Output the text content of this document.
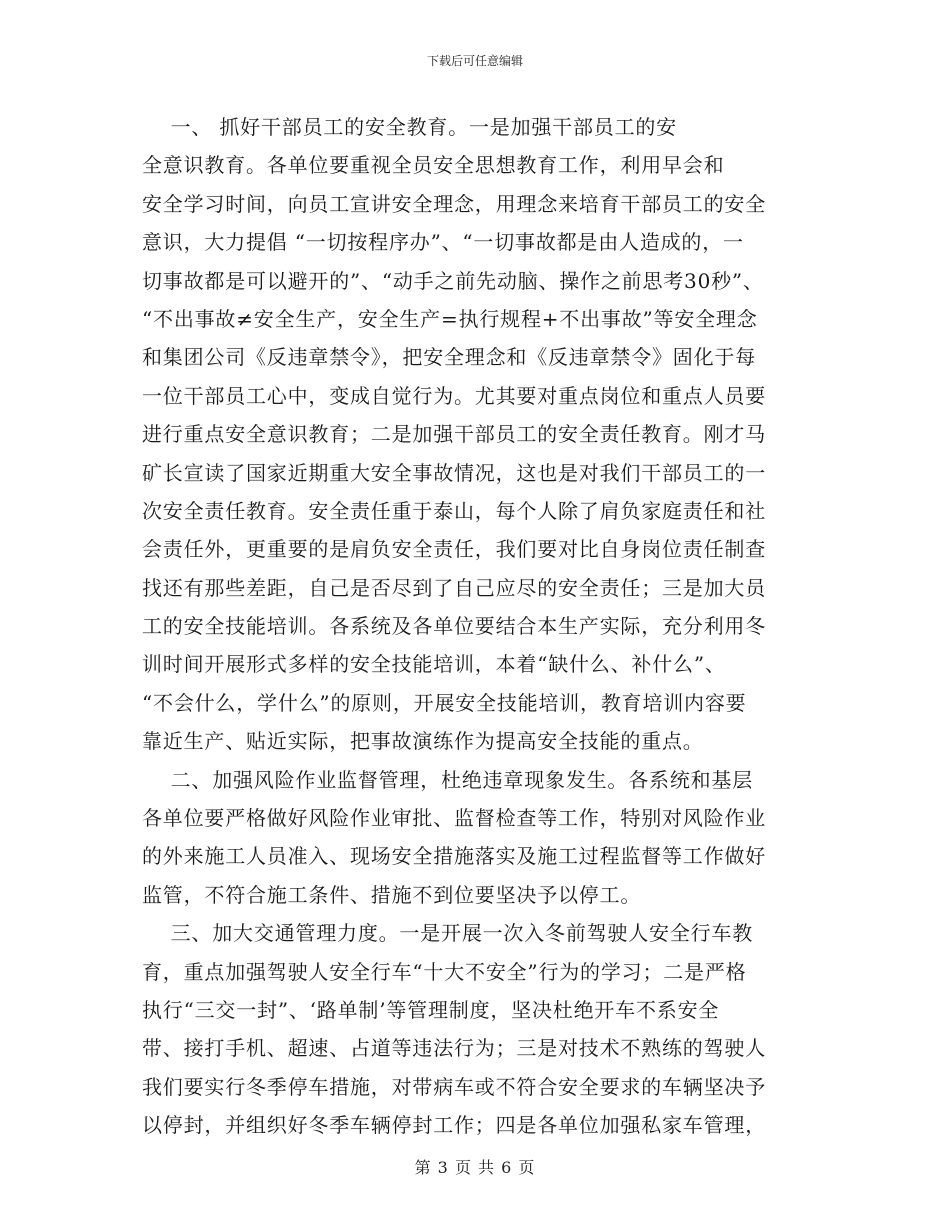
下载后可任意编辑
一、 抓好干部员工的安全教育。一是加强干部员工的安
全意识教育。各单位要重视全员安全思想教育工作，利用早会和
安全学习时间，向员工宣讲安全理念，用理念来培育干部员工的安全
意识，大力提倡 “一切按程序办”、“一切事故都是由人造成的，一
切事故都是可以避开的”、“动手之前先动脑、操作之前思考30秒”、
“不出事故≠安全生产，安全生产=执行规程+不出事故”等安全理念
和集团公司《反违章禁令》，把安全理念和《反违章禁令》固化于每
一位干部员工心中，变成自觉行为。尤其要对重点岗位和重点人员要
进行重点安全意识教育；二是加强干部员工的安全责任教育。刚才马
矿长宣读了国家近期重大安全事故情况，这也是对我们干部员工的一
次安全责任教育。安全责任重于泰山，每个人除了肩负家庭责任和社
会责任外，更重要的是肩负安全责任，我们要对比自身岗位责任制查
找还有那些差距，自己是否尽到了自己应尽的安全责任；三是加大员
工的安全技能培训。各系统及各单位要结合本生产实际，充分利用冬
训时间开展形式多样的安全技能培训，本着“缺什么、补什么”、
“不会什么，学什么”的原则，开展安全技能培训，教育培训内容要
靠近生产、贴近实际，把事故演练作为提高安全技能的重点。
二、加强风险作业监督管理，杜绝违章现象发生。各系统和基层
各单位要严格做好风险作业审批、监督检查等工作，特别对风险作业
的外来施工人员准入、现场安全措施落实及施工过程监督等工作做好
监管，不符合施工条件、措施不到位要坚决予以停工。
三、加大交通管理力度。一是开展一次入冬前驾驶人安全行车教
育，重点加强驾驶人安全行车“十大不安全”行为的学习；二是严格
执行“三交一封”、‘路单制’等管理制度，坚决杜绝开车不系安全
带、接打手机、超速、占道等违法行为；三是对技术不熟练的驾驶人
我们要实行冬季停车措施，对带病车或不符合安全要求的车辆坚决予
以停封，并组织好冬季车辆停封工作；四是各单位加强私家车管理，
第 3 页 共 6 页
